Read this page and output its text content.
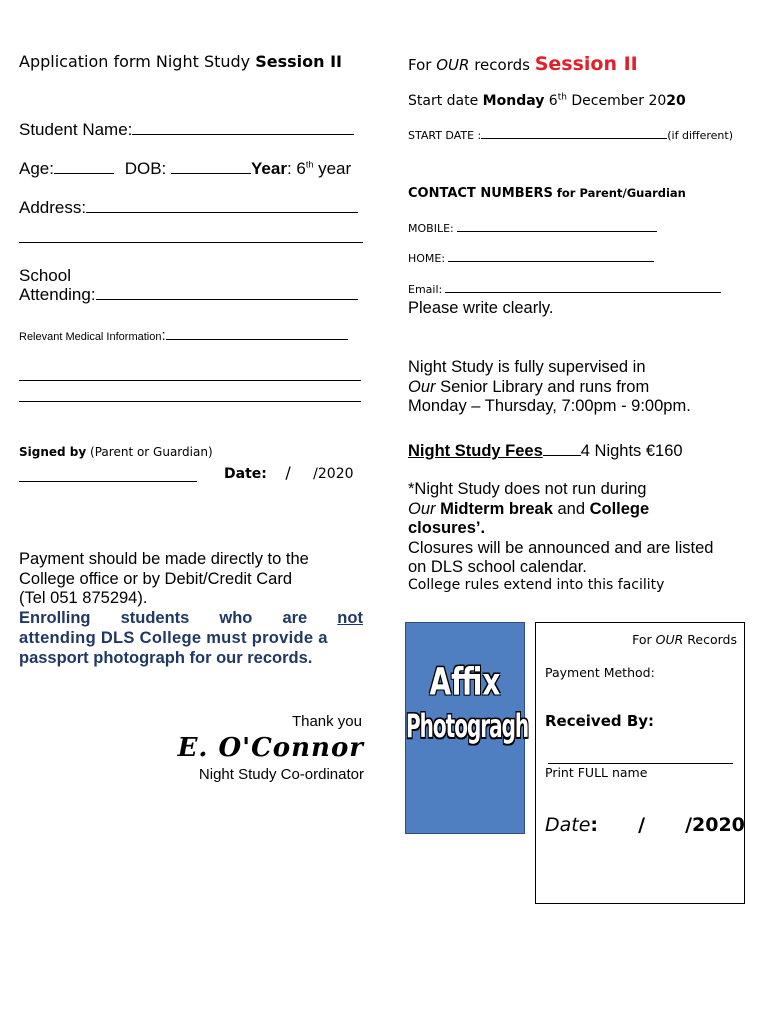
Application form Night Study Session II
Student Name:
Age:	DOB:	Year: 6th year
Address:
School
Attending:
Relevant Medical Information:
Signed by (Parent or Guardian)
Date: / /2020
Payment should be made directly to the
College office or by Debit/Credit Card
(Tel 051 875294).
Enrolling students who are not
attending DLS College must provide a
passport photograph for our records.
Thank you
E. O'Connor
Night Study Co-ordinator
For OUR records Session II
Start date Monday 6th December 2020
START DATE :	(if different)
CONTACT NUMBERS for Parent/Guardian
MOBILE:
HOME:
Email:
Please write clearly.
Night Study is fully supervised in
Our Senior Library and runs from
Monday – Thursday, 7:00pm - 9:00pm.
Night Study Fees 4 Nights €160
*Night Study does not run during
Our Midterm break and College
closures’.
Closures will be announced and are listed
on DLS school calendar.
College rules extend into this facility
Affix
Photogragh
For OUR Records
Payment Method:
Received By:
Print FULL name
Date: / /2020
